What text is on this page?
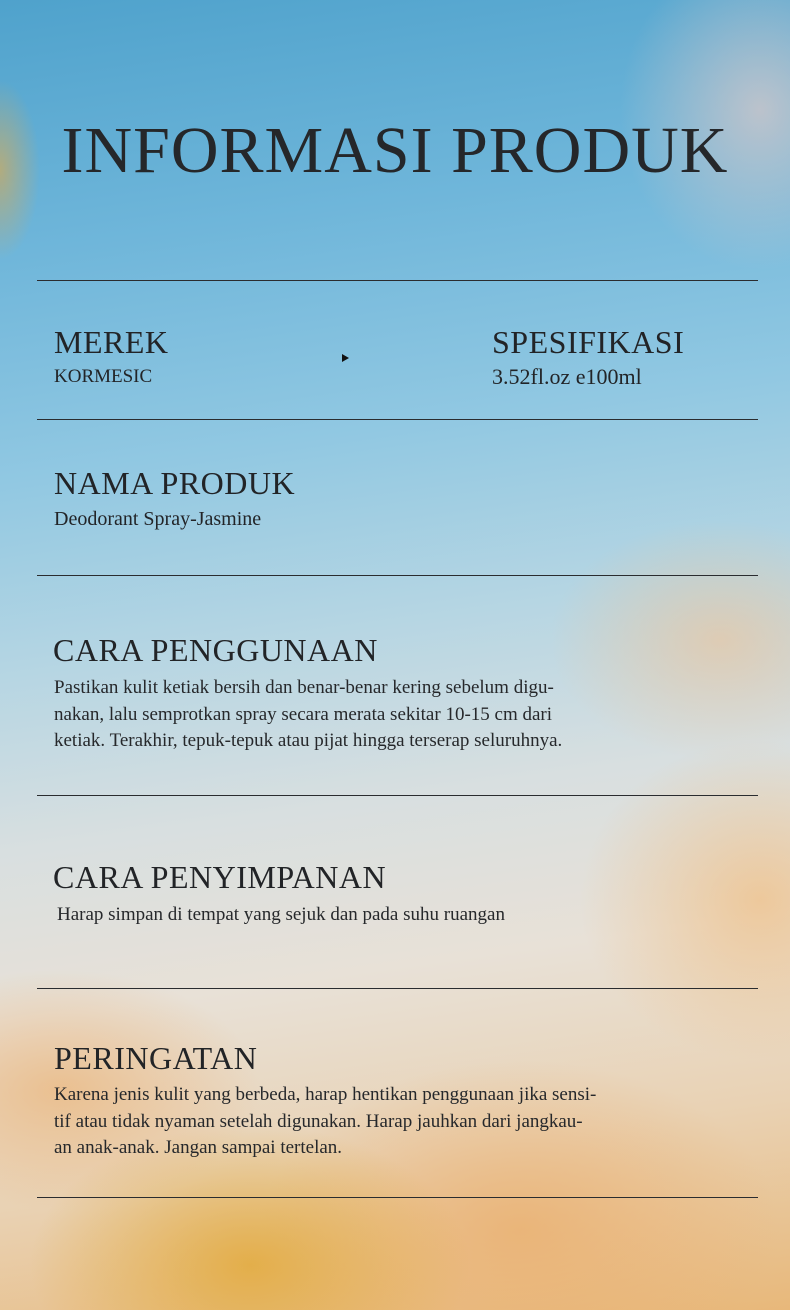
INFORMASI PRODUK
MEREK
KORMESIC
SPESIFIKASI
3.52fl.oz e100ml
NAMA PRODUK
Deodorant Spray-Jasmine
CARA PENGGUNAAN
Pastikan kulit ketiak bersih dan benar-benar kering sebelum digu-
nakan, lalu semprotkan spray secara merata sekitar 10-15 cm dari
ketiak. Terakhir, tepuk-tepuk atau pijat hingga terserap seluruhnya.
CARA PENYIMPANAN
Harap simpan di tempat yang sejuk dan pada suhu ruangan
PERINGATAN
Karena jenis kulit yang berbeda, harap hentikan penggunaan jika sensi-
tif atau tidak nyaman setelah digunakan. Harap jauhkan dari jangkau-
an anak-anak. Jangan sampai tertelan.
